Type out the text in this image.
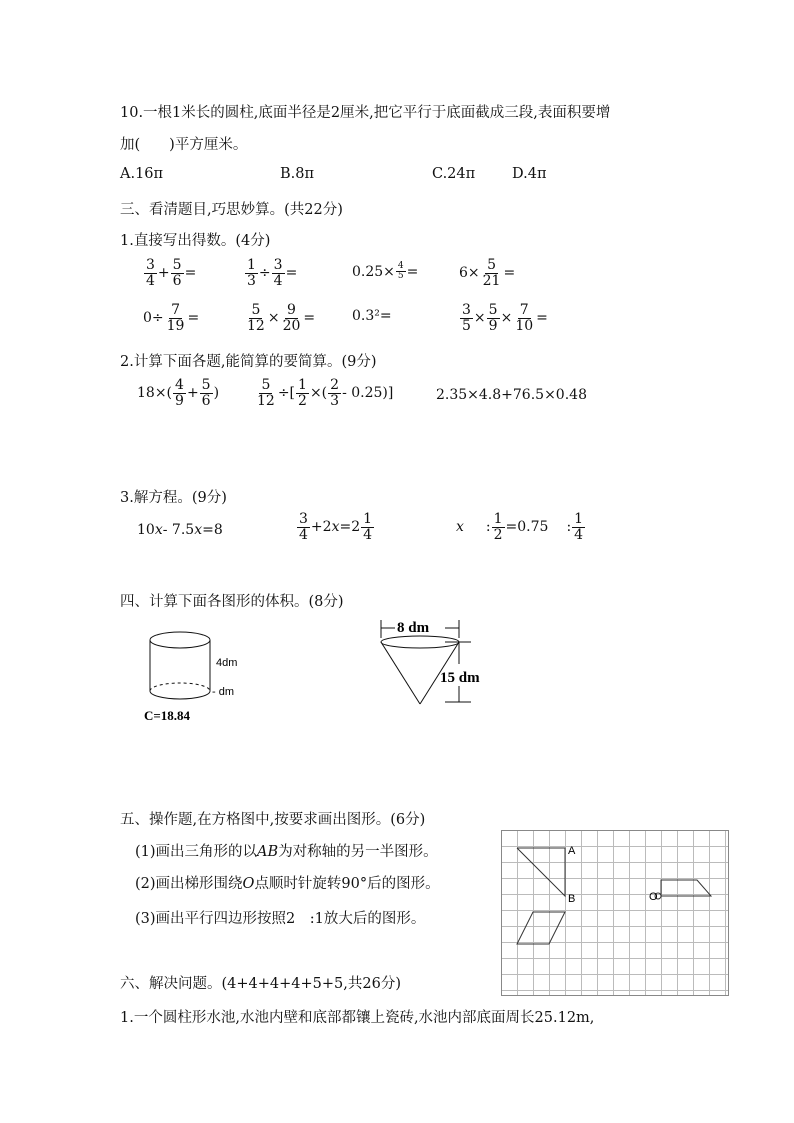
10.一根1米长的圆柱,底面半径是2厘米,把它平行于底面截成三段,表面积要增
加(　　)平方厘米。
A.16π	B.8π	C.24π	D.4π
三、看清题目,巧思妙算。(共22分)
1.直接写出得数。(4分)
$\frac{3}{4} + \frac{5}{6}$ =	$\frac{1}{3} \div \frac{3}{4}$ =	$0.25\times \frac{4}{5}$ =	$6\times \frac{5}{21}$ =
$0\div \frac{7}{19}$ =	$\frac{5}{12} \times \frac{9}{20}$ =	0.3²=	$\frac{3}{5} \times \frac{5}{9} \times \frac{7}{10}$ =
2.计算下面各题,能简算的要简算。(9分)
$18\times( \frac{4}{9} + \frac{5}{6}$ )	$\frac{5}{12}$ ÷[ $\frac{1}{2}$ ×( $\frac{2}{3} - 0.25$)]	2.35×4.8+76.5×0.48
3.解方程。(9分)
10 x - 7.5 x =8	$\frac{3}{4} +2$ $x =2 \frac{1}{4}$	x : $\frac{1}{2} =0.75$ : $\frac{1}{4}$
四、计算下面各图形的体积。(8分)
4dm
- dm
C=18.84
8 dm
15 dm
五、操作题,在方格图中,按要求画出图形。(6分)
(1)画出三角形的以AB为对称轴的另一半图形。
(2)画出梯形围绕O点顺时针旋转90°后的图形。
(3)画出平行四边形按照2　:1放大后的图形。
A
B	O
六、解决问题。(4+4+4+4+5+5,共26分)
1.一个圆柱形水池,水池内壁和底部都镶上瓷砖,水池内部底面周长25.12m,
